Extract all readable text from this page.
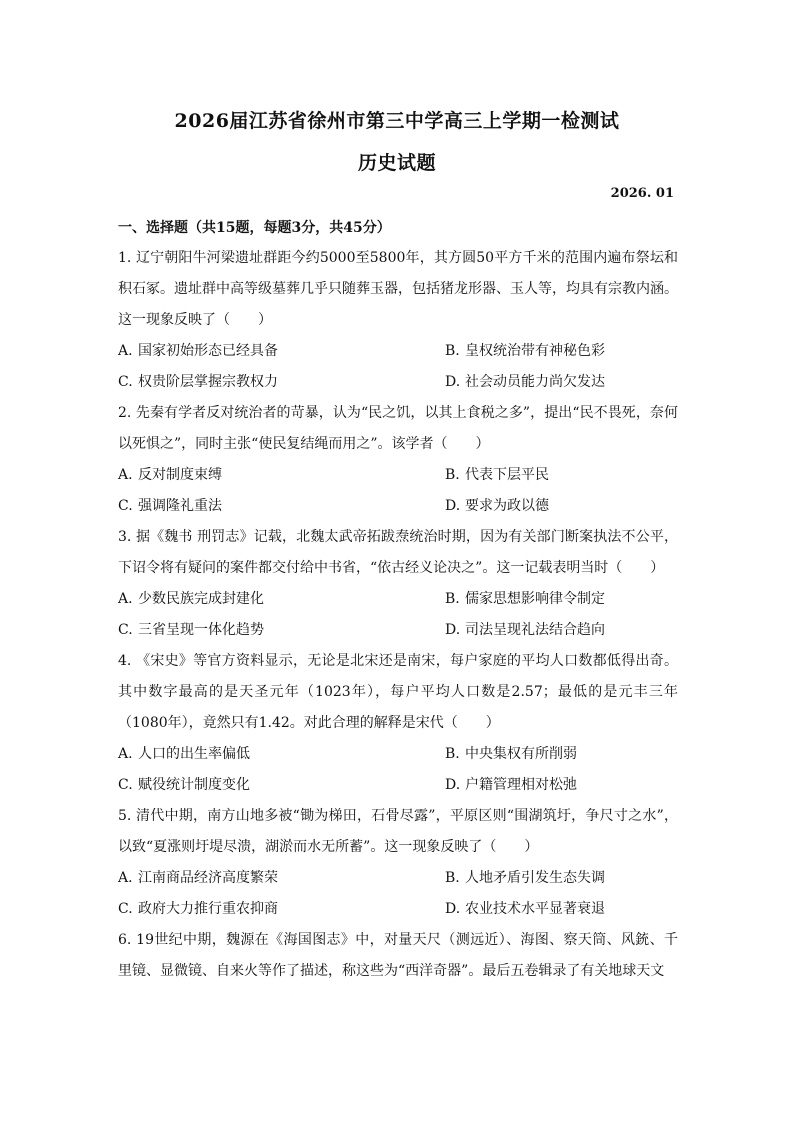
2026届江苏省徐州市第三中学高三上学期一检测试
历史试题
2026. 01
一、选择题（共15题，每题3分，共45分）

1. 辽宁朝阳牛河梁遗址群距今约5000至5800年，其方圆50平方千米的范围内遍布祭坛和积石冢。遗址群中高等级墓葬几乎只随葬玉器，包括猪龙形器、玉人等，均具有宗教内涵。这一现象反映了（　　）

A. 国家初始形态已经具备	B. 皇权统治带有神秘色彩
C. 权贵阶层掌握宗教权力	D. 社会动员能力尚欠发达

2. 先秦有学者反对统治者的苛暴，认为“民之饥，以其上食税之多”，提出“民不畏死，奈何以死惧之”，同时主张“使民复结绳而用之”。该学者（　　）

A. 反对制度束缚	B. 代表下层平民
C. 强调隆礼重法	D. 要求为政以德

3. 据《魏书 刑罚志》记载，北魏太武帝拓跋焘统治时期，因为有关部门断案执法不公平，下诏令将有疑问的案件都交付给中书省，“依古经义论决之”。这一记载表明当时（　　）

A. 少数民族完成封建化	B. 儒家思想影响律令制定
C. 三省呈现一体化趋势	D. 司法呈现礼法结合趋向

4. 《宋史》等官方资料显示，无论是北宋还是南宋，每户家庭的平均人口数都低得出奇。其中数字最高的是天圣元年（1023年），每户平均人口数是2.57；最低的是元丰三年（1080年），竟然只有1.42。对此合理的解释是宋代（　　）

A. 人口的出生率偏低	B. 中央集权有所削弱
C. 赋役统计制度变化	D. 户籍管理相对松弛

5. 清代中期，南方山地多被“锄为梯田，石骨尽露”，平原区则“围湖筑圩，争尺寸之水”，以致“夏涨则圩堤尽溃，湖淤而水无所蓄”。这一现象反映了（　　）

A. 江南商品经济高度繁荣	B. 人地矛盾引发生态失调
C. 政府大力推行重农抑商	D. 农业技术水平显著衰退

6. 19世纪中期，魏源在《海国图志》中，对量天尺（测远近）、海图、察天筒、风銃、千里镜、显微镜、自来火等作了描述，称这些为“西洋奇器”。最后五卷辑录了有关地球天文
